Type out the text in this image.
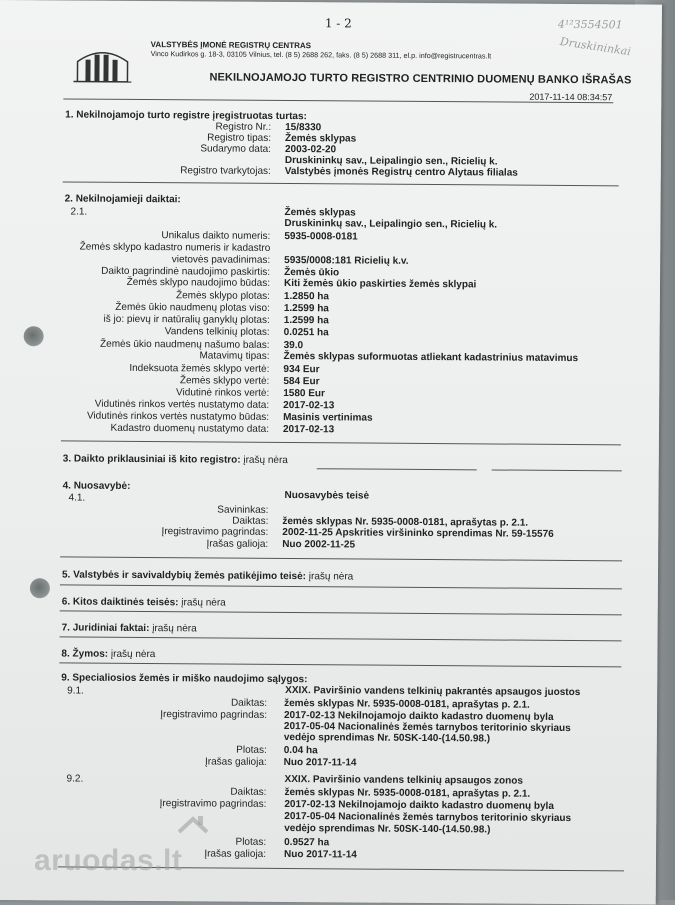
1 - 2	4¹²3554501
Druskininkai
VALSTYBĖS ĮMONĖ REGISTRŲ CENTRAS
Vinco Kudirkos g. 18-3, 03105 Vilnius, tel. (8 5) 2688 262, faks. (8 5) 2688 311, el.p. info@registrucentras.lt
NEKILNOJAMOJO TURTO REGISTRO CENTRINIO DUOMENŲ BANKO IŠRAŠAS
2017-11-14 08:34:57
1. Nekilnojamojo turto registre įregistruotas turtas:
Registro Nr.: 15/8330
Registro tipas: Žemės sklypas
Sudarymo data: 2003-02-20
Druskininkų sav., Leipalingio sen., Ricielių k.
Registro tvarkytojas: Valstybės įmonės Registrų centro Alytaus filialas
2. Nekilnojamieji daiktai:
2.1.	Žemės sklypas
Druskininkų sav., Leipalingio sen., Ricielių k.
Unikalus daikto numeris: 5935-0008-0181
Žemės sklypo kadastro numeris ir kadastro
vietovės pavadinimas: 5935/0008:181 Ricielių k.v.
Daikto pagrindinė naudojimo paskirtis: Žemės ūkio
Žemės sklypo naudojimo būdas: Kiti žemės ūkio paskirties žemės sklypai
Žemės sklypo plotas: 1.2850 ha
Žemės ūkio naudmenų plotas viso: 1.2599 ha
iš jo: pievų ir natūralių ganyklų plotas: 1.2599 ha
Vandens telkinių plotas: 0.0251 ha
Žemės ūkio naudmenų našumo balas: 39.0
Matavimų tipas: Žemės sklypas suformuotas atliekant kadastrinius matavimus
Indeksuota žemės sklypo vertė: 934 Eur
Žemės sklypo vertė: 584 Eur
Vidutinė rinkos vertė: 1580 Eur
Vidutinės rinkos vertės nustatymo data: 2017-02-13
Vidutinės rinkos vertės nustatymo būdas: Masinis vertinimas
Kadastro duomenų nustatymo data: 2017-02-13
3. Daikto priklausiniai iš kito registro: įrašų nėra
4. Nuosavybė:
4.1.	Nuosavybės teisė
Savininkas:
Daiktas: žemės sklypas Nr. 5935-0008-0181, aprašytas p. 2.1.
Įregistravimo pagrindas: 2002-11-25 Apskrities viršininko sprendimas Nr. 59-15576
Įrašas galioja: Nuo 2002-11-25
5. Valstybės ir savivaldybių žemės patikėjimo teisė: įrašų nėra
6. Kitos daiktinės teisės: įrašų nėra
7. Juridiniai faktai: įrašų nėra
8. Žymos: įrašų nėra
9. Specialiosios žemės ir miško naudojimo sąlygos:
9.1.	XXIX. Paviršinio vandens telkinių pakrantės apsaugos juostos
Daiktas: žemės sklypas Nr. 5935-0008-0181, aprašytas p. 2.1.
Įregistravimo pagrindas: 2017-02-13 Nekilnojamojo daikto kadastro duomenų byla
2017-05-04 Nacionalinės žemės tarnybos teritorinio skyriaus
vedėjo sprendimas Nr. 50SK-140-(14.50.98.)
Plotas: 0.04 ha
Įrašas galioja: Nuo 2017-11-14
9.2.	XXIX. Paviršinio vandens telkinių apsaugos zonos
Daiktas: žemės sklypas Nr. 5935-0008-0181, aprašytas p. 2.1.
Įregistravimo pagrindas: 2017-02-13 Nekilnojamojo daikto kadastro duomenų byla
2017-05-04 Nacionalinės žemės tarnybos teritorinio skyriaus
vedėjo sprendimas Nr. 50SK-140-(14.50.98.)
Plotas: 0.9527 ha
Įrašas galioja: Nuo 2017-11-14
aruodas.lt
